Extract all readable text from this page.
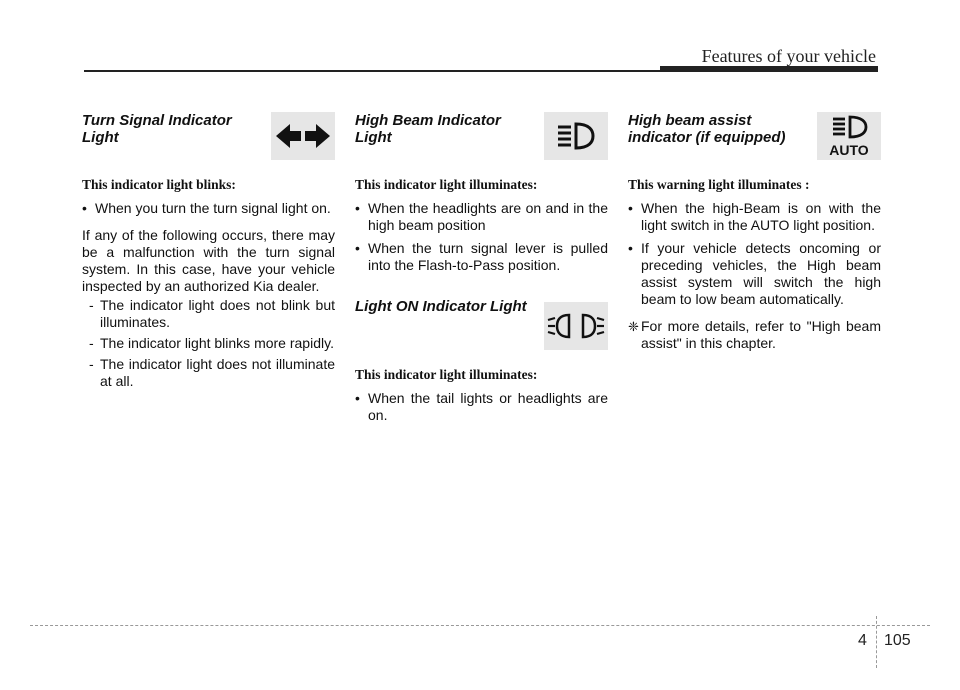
Features of your vehicle
Turn Signal Indicator Light
This indicator light blinks:
• When you turn the turn signal light on.

If any of the following occurs, there may be a malfunction with the turn signal system. In this case, have your vehicle inspected by an authorized Kia dealer.

- The indicator light does not blink but illuminates.
- The indicator light blinks more rapidly.
- The indicator light does not illuminate at all.
High Beam Indicator Light
This indicator light illuminates:
• When the headlights are on and in the high beam position
• When the turn signal lever is pulled into the Flash-to-Pass position.
Light ON Indicator Light
This indicator light illuminates:
• When the tail lights or headlights are on.
High beam assist indicator (if equipped)
AUTO
This warning light illuminates :
• When the high-Beam is on with the light switch in the AUTO light position.
• If your vehicle detects oncoming or preceding vehicles, the High beam assist system will switch the high beam to low beam automatically.
❈ For more details, refer to "High beam assist" in this chapter.
4 105
